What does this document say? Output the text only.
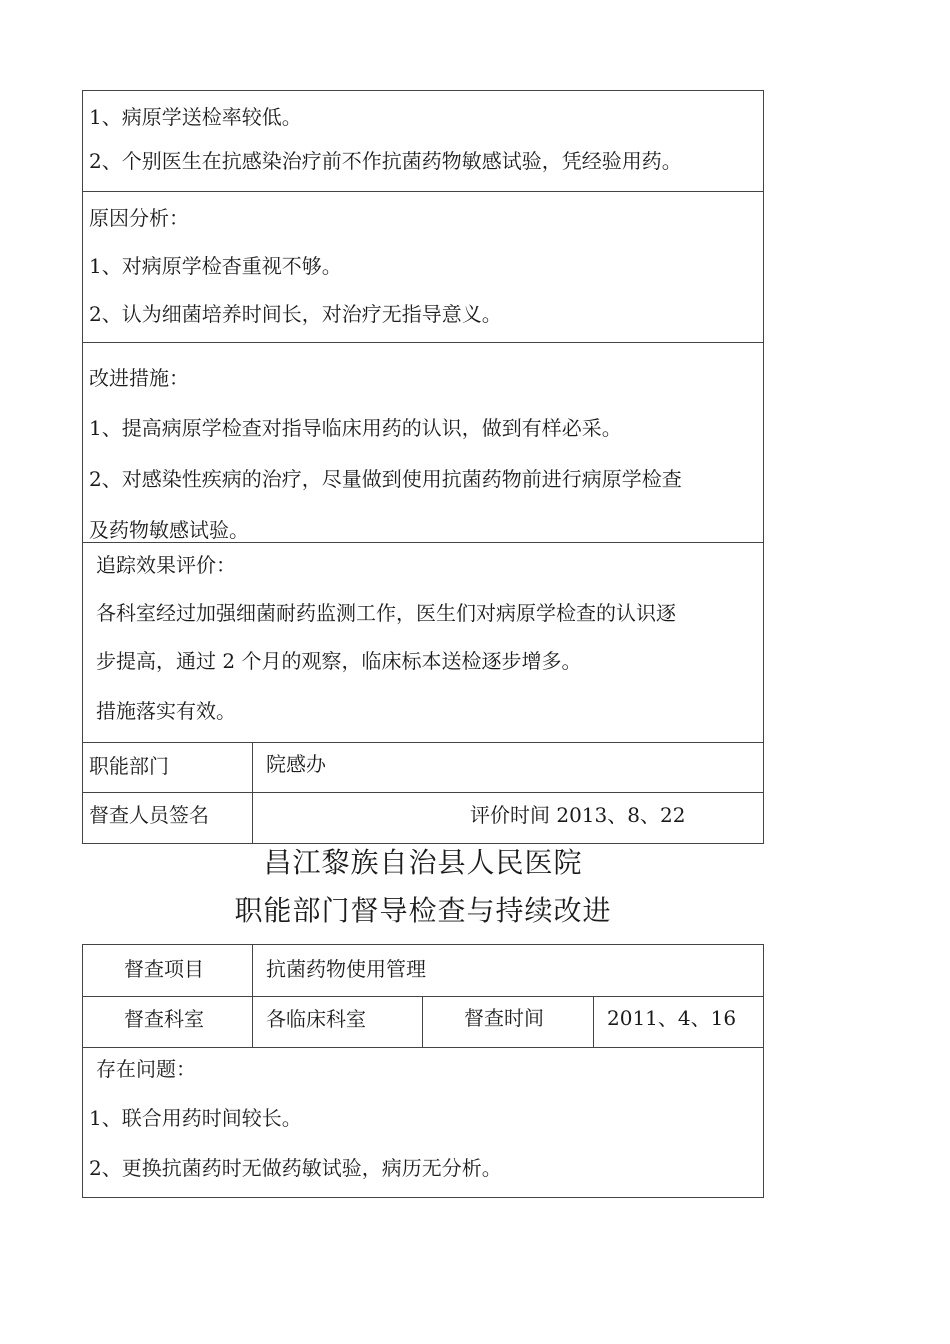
1、病原学送检率较低。
2、个别医生在抗感染治疗前不作抗菌药物敏感试验，凭经验用药。
原因分析：
1、对病原学检杳重视不够。
2、认为细菌培养时间长，对治疗无指导意义。
改进措施：
1、提高病原学检查对指导临床用药的认识，做到有样必采。
2、对感染性疾病的治疗，尽量做到使用抗菌药物前进行病原学检查
及药物敏感试验。
追踪效果评价：
各科室经过加强细菌耐药监测工作，医生们对病原学检查的认识逐
步提高，通过 2 个月的观察，临床标本送检逐步增多。
措施落实有效。
职能部门	院感办
督查人员签名	评价时间 2013、8、22
昌江黎族自治县人民医院
职能部门督导检查与持续改进
督查项目	抗菌药物使用管理
督查科室	各临床科室	督查时间	2011、4、16
存在问题：
1、联合用药时间较长。
2、更换抗菌药时无做药敏试验，病历无分析。
